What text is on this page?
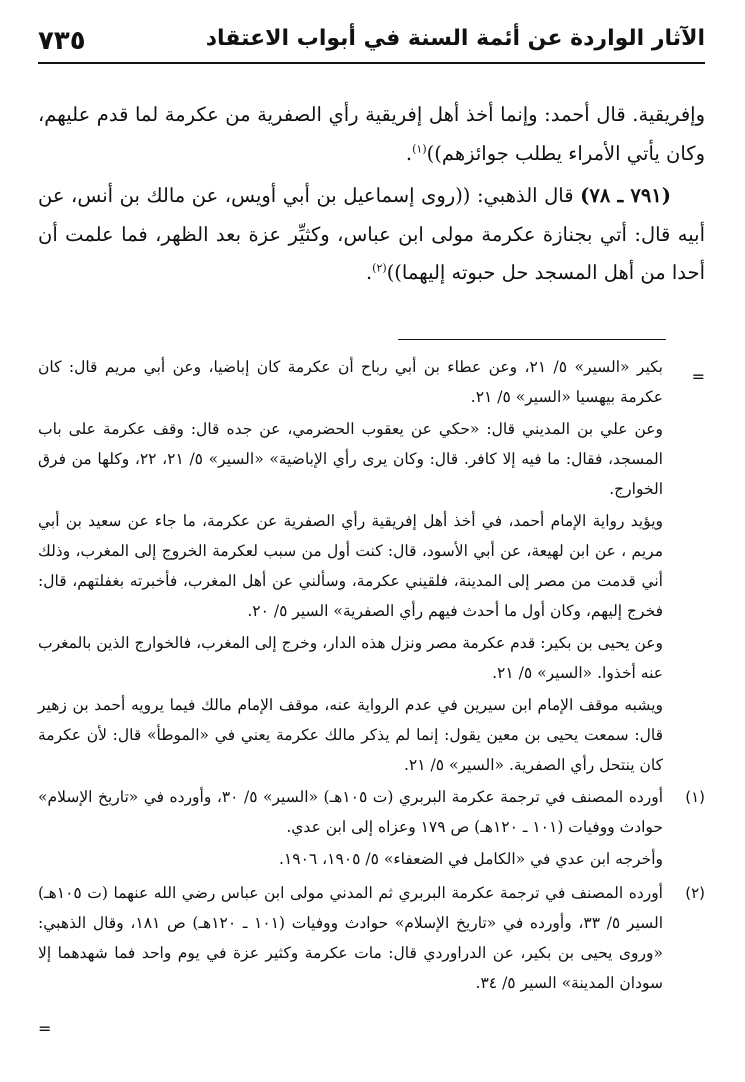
الآثار الواردة عن أئمة السنة في أبواب الاعتقاد
٧٣٥

وإفريقية. قال أحمد: وإنما أخذ أهل إفريقية رأي الصفرية من عكرمة لما قدم عليهم، وكان يأتي الأمراء يطلب جوائزهم))$^{(١)}$.

(٧٩١ ـ ٧٨) قال الذهبي: ((روى إسماعيل بن أبي أويس، عن مالك بن أنس، عن أبيه قال: أتي بجنازة عكرمة مولى ابن عباس، وكثيِّر عزة بعد الظهر، فما علمت أن أحدا من أهل المسجد حل حبوته إليهما))$^{(٢)}$.

=

بكير «السير» ٥/ ٢١، وعن عطاء بن أبي رباح أن عكرمة كان إباضيا، وعن أبي مريم قال: كان عكرمة بيهسيا «السير» ٥/ ٢١.

وعن علي بن المديني قال: «حكي عن يعقوب الحضرمي، عن جده قال: وقف عكرمة على باب المسجد، فقال: ما فيه إلا كافر. قال: وكان يرى رأي الإباضية» «السير» ٥/ ٢١، ٢٢، وكلها من فرق الخوارج.

ويؤيد رواية الإمام أحمد، في أخذ أهل إفريقية رأي الصفرية عن عكرمة، ما جاء عن سعيد بن أبي مريم ، عن ابن لهيعة، عن أبي الأسود، قال: كنت أول من سبب لعكرمة الخروج إلى المغرب، وذلك أني قدمت من مصر إلى المدينة، فلقيني عكرمة، وسألني عن أهل المغرب، فأخبرته بغفلتهم، قال: فخرج إليهم، وكان أول ما أحدث فيهم رأي الصفرية» السير ٥/ ٢٠.

وعن يحيى بن بكير: قدم عكرمة مصر ونزل هذه الدار، وخرج إلى المغرب، فالخوارج الذين بالمغرب عنه أخذوا. «السير» ٥/ ٢١.

ويشبه موقف الإمام ابن سيرين في عدم الرواية عنه، موقف الإمام مالك فيما يرويه أحمد بن زهير قال: سمعت يحيى بن معين يقول: إنما لم يذكر مالك عكرمة يعني في «الموطأ» قال: لأن عكرمة كان ينتحل رأي الصفرية. «السير» ٥/ ٢١.

(١)

أورده المصنف في ترجمة عكرمة البربري (ت ١٠٥هـ) «السير» ٥/ ٣٠، وأورده في «تاريخ الإسلام» حوادث ووفيات (١٠١ ـ ١٢٠هـ) ص ١٧٩ وعزاه إلى ابن عدي.

وأخرجه ابن عدي في «الكامل في الضعفاء» ٥/ ١٩٠٥، ١٩٠٦.

(٢)

أورده المصنف في ترجمة عكرمة البربري ثم المدني مولى ابن عباس رضي الله عنهما (ت ١٠٥هـ) السير ٥/ ٣٣، وأورده في «تاريخ الإسلام» حوادث ووفيات (١٠١ ـ ١٢٠هـ) ص ١٨١، وقال الذهبي: «وروى يحيى بن بكير، عن الدراوردي قال: مات عكرمة وكثير عزة في يوم واحد فما شهدهما إلا سودان المدينة» السير ٥/ ٣٤.

=
